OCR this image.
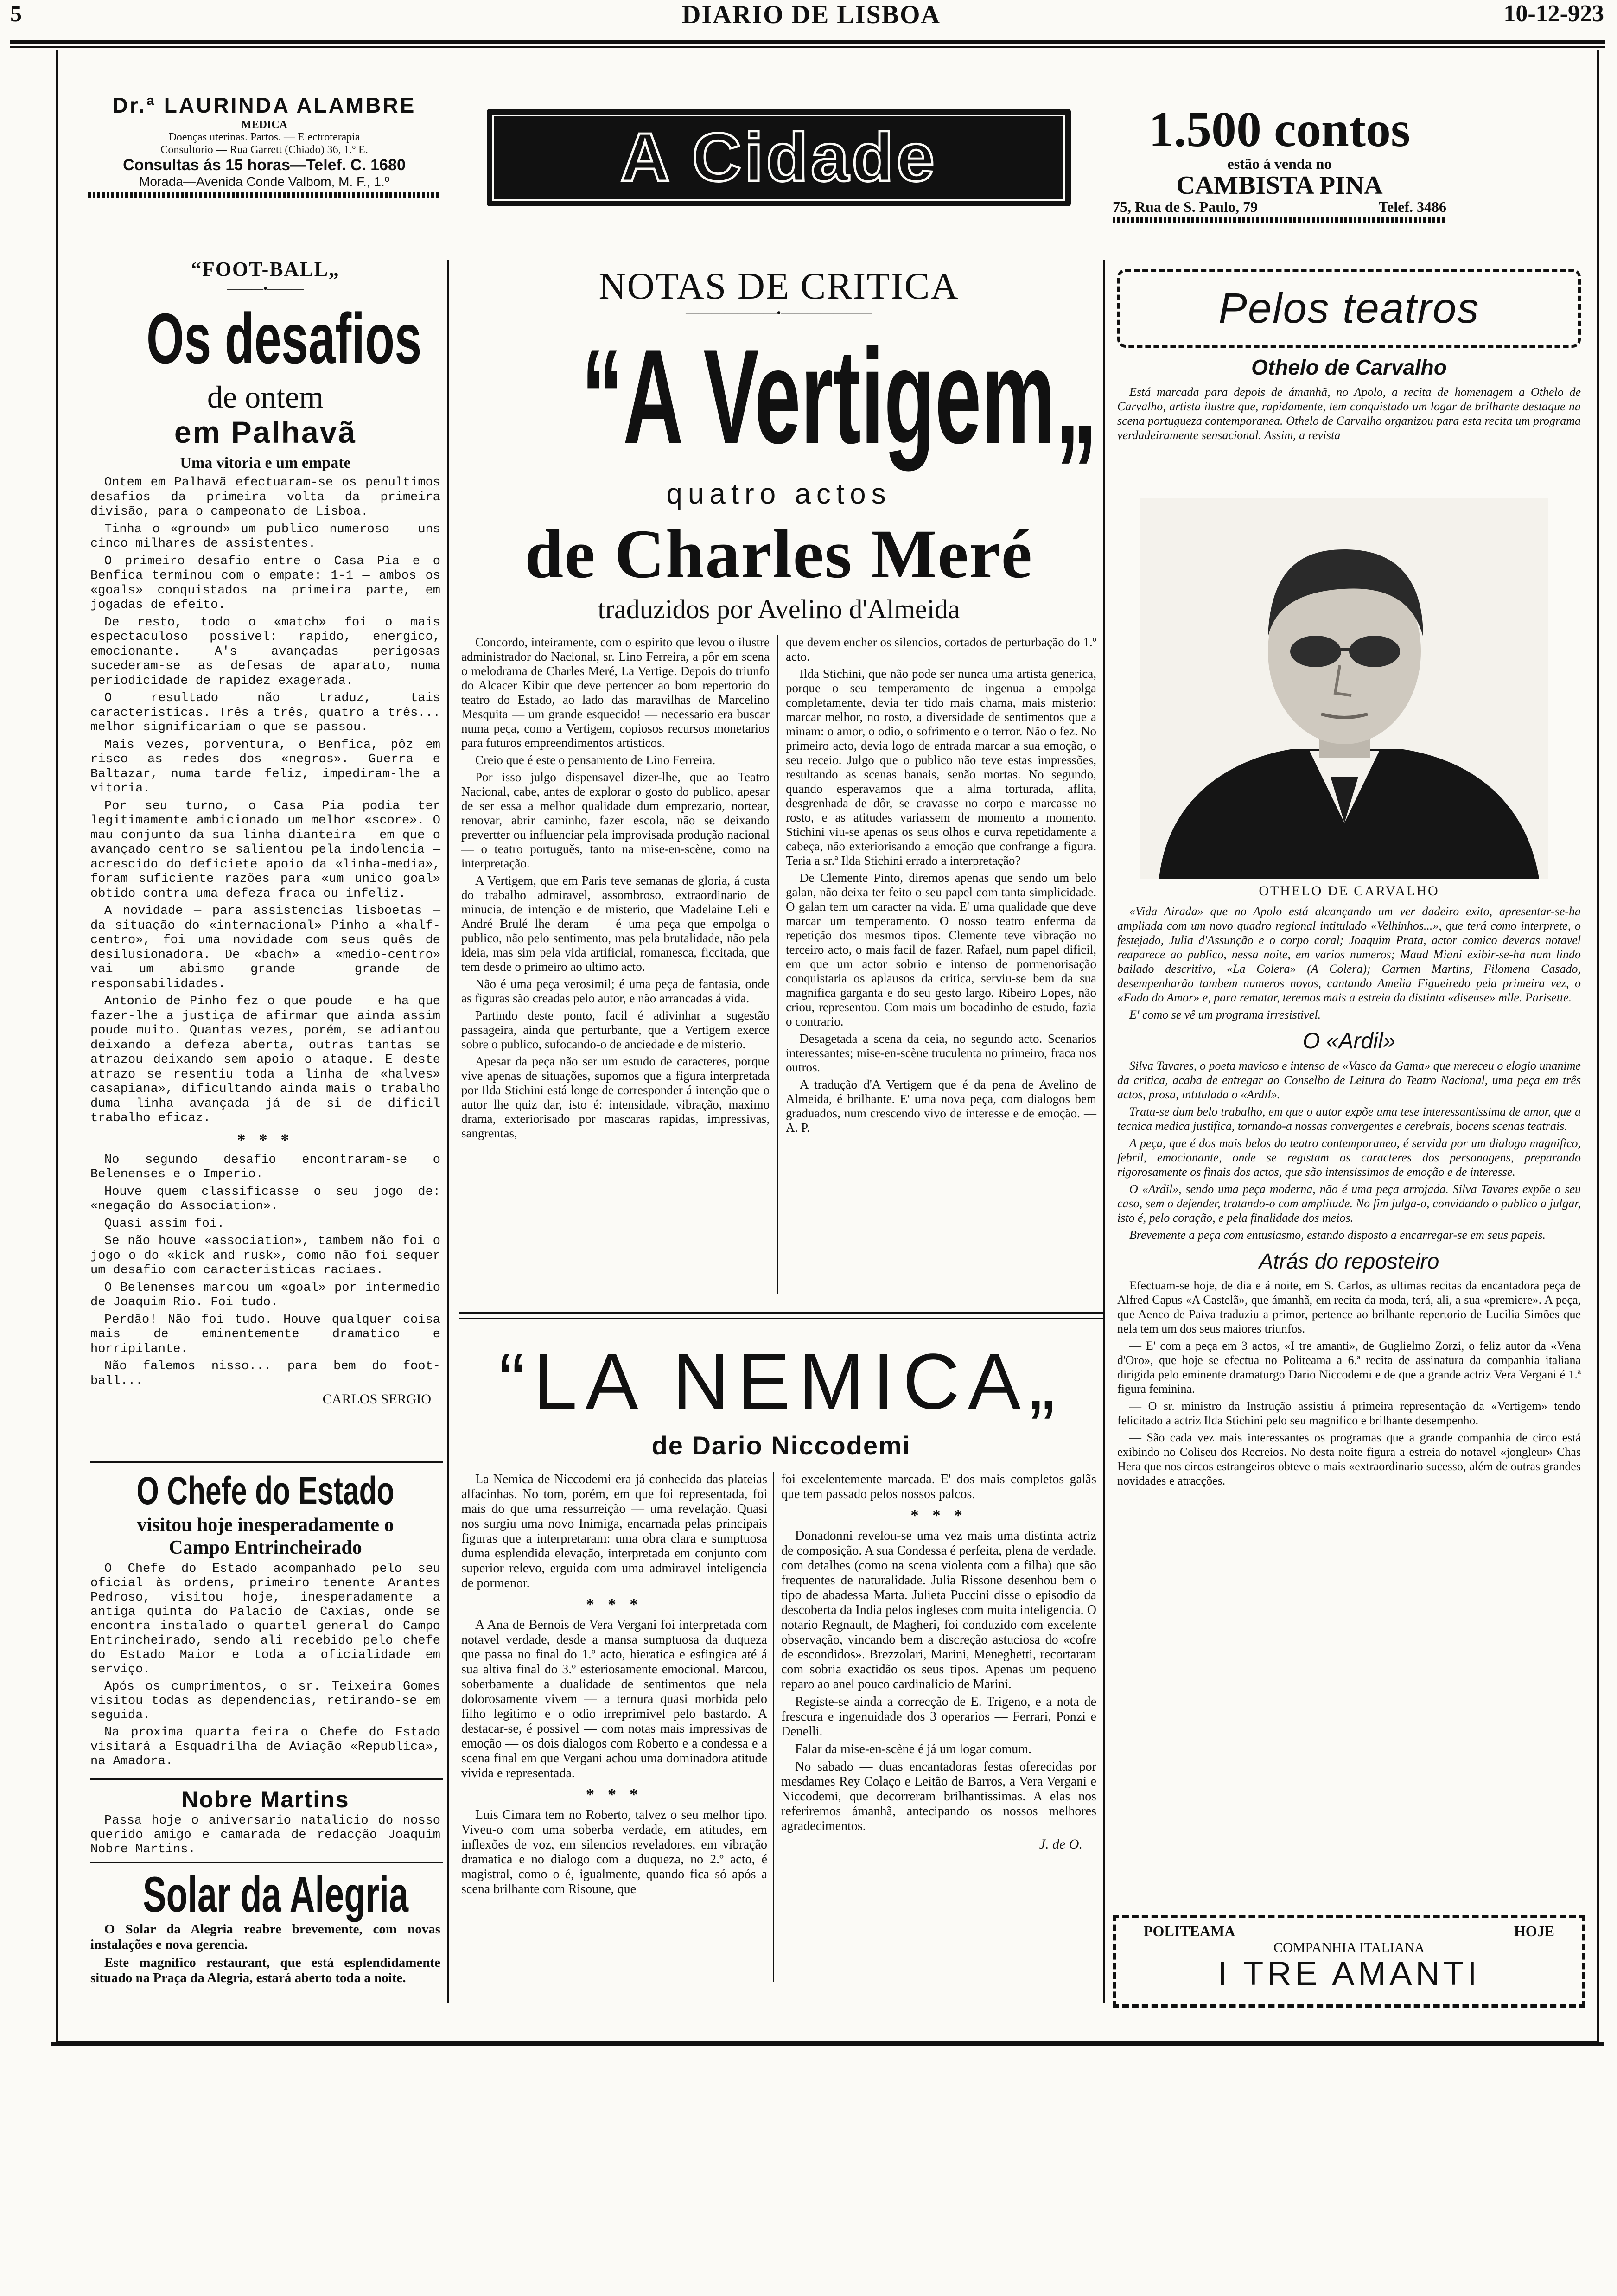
5	DIARIO DE LISBOA	10-12-923
Dr.ª LAURINDA ALAMBRE
MEDICA
Doenças uterinas. Partos. — Electroterapia
Consultorio — Rua Garrett (Chiado) 36, 1.º E.
Consultas ás 15 horas—Telef. C. 1680
Morada—Avenida Conde Valbom, M. F., 1.º	A Cidade	1.500 contos
estão á venda no
CAMBISTA PINA
75, Rua de S. Paulo, 79	Telef. 3486
“FOOT-BALL„
———•———
Os desafios
de ontem
em Palhavã
Uma vitoria e um empate

Ontem em Palhavã efectuaram-se os penultimos desafios da primeira volta da primeira divisão, para o campeonato de Lisboa.

Tinha o «ground» um publico numeroso — uns cinco milhares de assistentes.

O primeiro desafio entre o Casa Pia e o Benfica terminou com o empate: 1-1 — ambos os «goals» conquistados na primeira parte, em jogadas de efeito.

De resto, todo o «match» foi o mais espectaculoso possivel: rapido, energico, emocionante. A's avançadas perigosas sucederam-se as defesas de aparato, numa periodicidade de rapidez exagerada.

O resultado não traduz, tais caracteristicas. Três a três, quatro a três... melhor significariam o que se passou.

Mais vezes, porventura, o Benfica, pôz em risco as redes dos «negros». Guerra e Baltazar, numa tarde feliz, impediram-lhe a vitoria.

Por seu turno, o Casa Pia podia ter legitimamente ambicionado um melhor «score». O mau conjunto da sua linha dianteira — em que o avançado centro se salientou pela indolencia — acrescido do deficiete apoio da «linha-media», foram suficiente razões para «um unico goal» obtido contra uma defeza fraca ou infeliz.

A novidade — para assistencias lisboetas — da situação do «internacional» Pinho a «half-centro», foi uma novidade com seus quês de desilusionadora. De «bach» a «medio-centro» vai um abismo grande — grande de responsabilidades.

Antonio de Pinho fez o que poude — e ha que fazer-lhe a justiça de afirmar que ainda assim poude muito. Quantas vezes, porém, se adiantou deixando a defeza aberta, outras tantas se atrazou deixando sem apoio o ataque. E deste atrazo se resentiu toda a linha de «halves» casapiana», dificultando ainda mais o trabalho duma linha avançada já de si de dificil trabalho eficaz.

* * *

No segundo desafio encontraram-se o Belenenses e o Imperio.

Houve quem classificasse o seu jogo de: «negação do Association».

Quasi assim foi.

Se não houve «association», tambem não foi o jogo o do «kick and rusk», como não foi sequer um desafio com caracteristicas raciaes.

O Belenenses marcou um «goal» por intermedio de Joaquim Rio. Foi tudo.

Perdão! Não foi tudo. Houve qualquer coisa mais de eminentemente dramatico e horripilante.

Não falemos nisso... para bem do foot-ball...

CARLOS SERGIO
O Chefe do Estado
visitou hoje inesperadamente o
Campo Entrincheirado

O Chefe do Estado acompanhado pelo seu oficial às ordens, primeiro tenente Arantes Pedroso, visitou hoje, inesperadamente a antiga quinta do Palacio de Caxias, onde se encontra instalado o quartel general do Campo Entrincheirado, sendo ali recebido pelo chefe do Estado Maior e toda a oficialidade em serviço.

Após os cumprimentos, o sr. Teixeira Gomes visitou todas as dependencias, retirando-se em seguida.

Na proxima quarta feira o Chefe do Estado visitará a Esquadrilha de Aviação «Republica», na Amadora.

Nobre Martins

Passa hoje o aniversario natalicio do nosso querido amigo e camarada de redacção Joaquim Nobre Martins.

Solar da Alegria

O Solar da Alegria reabre brevemente, com novas instalações e nova gerencia.

Este magnifico restaurant, que está esplendidamente situado na Praça da Alegria, estará aberto toda a noite.

NOTAS DE CRITICA
———————•———————
“A Vertigem„
quatro actos
de Charles Meré
traduzidos por Avelino d'Almeida

Concordo, inteiramente, com o espirito que levou o ilustre administrador do Nacional, sr. Lino Ferreira, a pôr em scena o melodrama de Charles Meré, La Vertige. Depois do triunfo do Alcacer Kibir que deve pertencer ao bom repertorio do teatro do Estado, ao lado das maravilhas de Marcelino Mesquita — um grande esquecido! — necessario era buscar numa peça, como a Vertigem, copiosos recursos monetarios para futuros empreendimentos artisticos.

Creio que é este o pensamento de Lino Ferreira.

Por isso julgo dispensavel dizer-lhe, que ao Teatro Nacional, cabe, antes de explorar o gosto do publico, apesar de ser essa a melhor qualidade dum emprezario, nortear, renovar, abrir caminho, fazer escola, não se deixando prevertter ou influenciar pela improvisada produção nacional — o teatro portuguěs, tanto na mise-en-scène, como na interpretação.

A Vertigem, que em Paris teve semanas de gloria, á custa do trabalho admiravel, assombroso, extraordinario de minucia, de intenção e de misterio, que Madelaine Leli e André Brulé lhe deram — é uma peça que empolga o publico, não pelo sentimento, mas pela brutalidade, não pela ideia, mas sim pela vida artificial, romanesca, ficcitada, que tem desde o primeiro ao ultimo acto.

Não é uma peça verosimil; é uma peça de fantasia, onde as figuras são creadas pelo autor, e não arrancadas á vida.

Partindo deste ponto, facil é adivinhar a sugestão passageira, ainda que perturbante, que a Vertigem exerce sobre o publico, sufocando-o de anciedade e de misterio.

Apesar da peça não ser um estudo de caracteres, porque vive apenas de situações, supomos que a figura interpretada por Ilda Stichini está longe de corresponder á intenção que o autor lhe quiz dar, isto é: intensidade, vibração, maximo drama, exteriorisado por mascaras rapidas, impressivas, sangrentas,

que devem encher os silencios, cortados de perturbação do 1.º acto.

Ilda Stichini, que não pode ser nunca uma artista generica, porque o seu temperamento de ingenua a empolga completamente, devia ter tido mais chama, mais misterio; marcar melhor, no rosto, a diversidade de sentimentos que a minam: o amor, o odio, o sofrimento e o terror. Não o fez. No primeiro acto, devia logo de entrada marcar a sua emoção, o seu receio. Julgo que o publico não teve estas impressões, resultando as scenas banais, senão mortas. No segundo, quando esperavamos que a alma torturada, aflita, desgrenhada de dôr, se cravasse no corpo e marcasse no rosto, e as atitudes variassem de momento a momento, Stichini viu-se apenas os seus olhos e curva repetidamente a cabeça, não exteriorisando a emoção que confrange a figura. Teria a sr.ª Ilda Stichini errado a interpretação?

De Clemente Pinto, diremos apenas que sendo um belo galan, não deixa ter feito o seu papel com tanta simplicidade. O galan tem um caracter na vida. E' uma qualidade que deve marcar um temperamento. O nosso teatro enferma da repetição dos mesmos tipos. Clemente teve vibração no terceiro acto, o mais facil de fazer. Rafael, num papel dificil, em que um actor sobrio e intenso de pormenorisação conquistaria os aplausos da critica, serviu-se bem da sua magnifica garganta e do seu gesto largo. Ribeiro Lopes, não criou, representou. Com mais um bocadinho de estudo, fazia o contrario.

Desagetada a scena da ceia, no segundo acto. Scenarios interessantes; mise-en-scène truculenta no primeiro, fraca nos outros.

A tradução d'A Vertigem que é da pena de Avelino de Almeida, é brilhante. E' uma nova peça, com dialogos bem graduados, num crescendo vivo de interesse e de emoção. — A. P.

“LA NEMICA„
de Dario Niccodemi

La Nemica de Niccodemi era já conhecida das plateias alfacinhas. No tom, porém, em que foi representada, foi mais do que uma ressurreição — uma revelação. Quasi nos surgiu uma novo Inimiga, encarnada pelas principais figuras que a interpretaram: uma obra clara e sumptuosa duma esplendida elevação, interpretada em conjunto com superior relevo, erguida com uma admiravel inteligencia de pormenor.

* * *

A Ana de Bernois de Vera Vergani foi interpretada com notavel verdade, desde a mansa sumptuosa da duqueza que passa no final do 1.º acto, hieratica e esfingica até á sua altiva final do 3.º esteriosamente emocional. Marcou, soberbamente a dualidade de sentimentos que nela dolorosamente vivem — a ternura quasi morbida pelo filho legitimo e o odio irreprimivel pelo bastardo. A destacar-se, é possivel — com notas mais impressivas de emoção — os dois dialogos com Roberto e a condessa e a scena final em que Vergani achou uma dominadora atitude vivida e representada.

* * *

Luis Cimara tem no Roberto, talvez o seu melhor tipo. Viveu-o com uma soberba verdade, em atitudes, em inflexões de voz, em silencios reveladores, em vibração dramatica e no dialogo com a duqueza, no 2.º acto, é magistral, como o é, igualmente, quando fica só após a scena brilhante com Risoune, que

foi excelentemente marcada. E' dos mais completos galãs que tem passado pelos nossos palcos.

* * *

Donadonni revelou-se uma vez mais uma distinta actriz de composição. A sua Condessa é perfeita, plena de verdade, com detalhes (como na scena violenta com a filha) que são frequentes de naturalidade. Julia Rissone desenhou bem o tipo de abadessa Marta. Julieta Puccini disse o episodio da descoberta da India pelos ingleses com muita inteligencia. O notario Regnault, de Magheri, foi conduzido com excelente observação, vincando bem a discreção astuciosa do «cofre de escondidos». Brezzolari, Marini, Meneghetti, recortaram com sobria exactidão os seus tipos. Apenas um pequeno reparo ao anel pouco cardinalicio de Marini.

Registe-se ainda a correcção de E. Trigeno, e a nota de frescura e ingenuidade dos 3 operarios — Ferrari, Ponzi e Denelli.

Falar da mise-en-scène é já um logar comum.

No sabado — duas encantadoras festas oferecidas por mesdames Rey Colaço e Leitão de Barros, a Vera Vergani e Niccodemi, que decorreram brilhantissimas. A elas nos referiremos ámanhã, antecipando os nossos melhores agradecimentos.

J. de O.
Pelos teatros
Othelo de Carvalho

Está marcada para depois de ámanhã, no Apolo, a recita de homenagem a Othelo de Carvalho, artista ilustre que, rapidamente, tem conquistado um logar de brilhante destaque na scena portugueza contemporanea. Othelo de Carvalho organizou para esta recita um programa verdadeiramente sensacional. Assim, a revista

OTHELO DE CARVALHO

«Vida Airada» que no Apolo está alcançando um ver dadeiro exito, apresentar-se-ha ampliada com um novo quadro regional intitulado «Velhinhos...», que terá como interprete, o festejado, Julia d'Assunção e o corpo coral; Joaquim Prata, actor comico deveras notavel reaparece ao publico, nessa noite, em varios numeros; Maud Miani exibir-se-ha num lindo bailado descritivo, «La Colera» (A Colera); Carmen Martins, Filomena Casado, desempenharão tambem numeros novos, cantando Amelia Figueiredo pela primeira vez, o «Fado do Amor» e, para rematar, teremos mais a estreia da distinta «diseuse» mlle. Parisette.

E' como se vê um programa irresistivel.

O «Ardil»

Silva Tavares, o poeta mavioso e intenso de «Vasco da Gama» que mereceu o elogio unanime da critica, acaba de entregar ao Conselho de Leitura do Teatro Nacional, uma peça em três actos, prosa, intitulada o «Ardil».

Trata-se dum belo trabalho, em que o autor expõe uma tese interessantissima de amor, que a tecnica medica justifica, tornando-a nossas convergentes e cerebrais, bocens scenas teatrais.

A peça, que é dos mais belos do teatro contemporaneo, é servida por um dialogo magnifico, febril, emocionante, onde se registam os caracteres dos personagens, preparando rigorosamente os finais dos actos, que são intensissimos de emoção e de interesse.

O «Ardil», sendo uma peça moderna, não é uma peça arrojada. Silva Tavares expõe o seu caso, sem o defender, tratando-o com amplitude. No fim julga-o, convidando o publico a julgar, isto é, pelo coração, e pela finalidade dos meios.

Brevemente a peça com entusiasmo, estando disposto a encarregar-se em seus papeis.

Atrás do reposteiro

Efectuam-se hoje, de dia e á noite, em S. Carlos, as ultimas recitas da encantadora peça de Alfred Capus «A Castelã», que ámanhã, em recita da moda, terá, ali, a sua «premiere». A peça, que Aenco de Paiva traduziu a primor, pertence ao brilhante repertorio de Lucilia Simões que nela tem um dos seus maiores triunfos.

— E' com a peça em 3 actos, «I tre amanti», de Guglielmo Zorzi, o feliz autor da «Vena d'Oro», que hoje se efectua no Politeama a 6.ª recita de assinatura da companhia italiana dirigida pelo eminente dramaturgo Dario Niccodemi e de que a grande actriz Vera Vergani é 1.ª figura feminina.

— O sr. ministro da Instrução assistiu á primeira representação da «Vertigem» tendo felicitado a actriz Ilda Stichini pelo seu magnifico e brilhante desempenho.

— São cada vez mais interessantes os programas que a grande companhia de circo está exibindo no Coliseu dos Recreios. No desta noite figura a estreia do notavel «jongleur» Chas Hera que nos circos estrangeiros obteve o mais «extraordinario sucesso, além de outras grandes novidades e atracções.

POLITEAMA	HOJE
COMPANHIA ITALIANA
I TRE AMANTI
